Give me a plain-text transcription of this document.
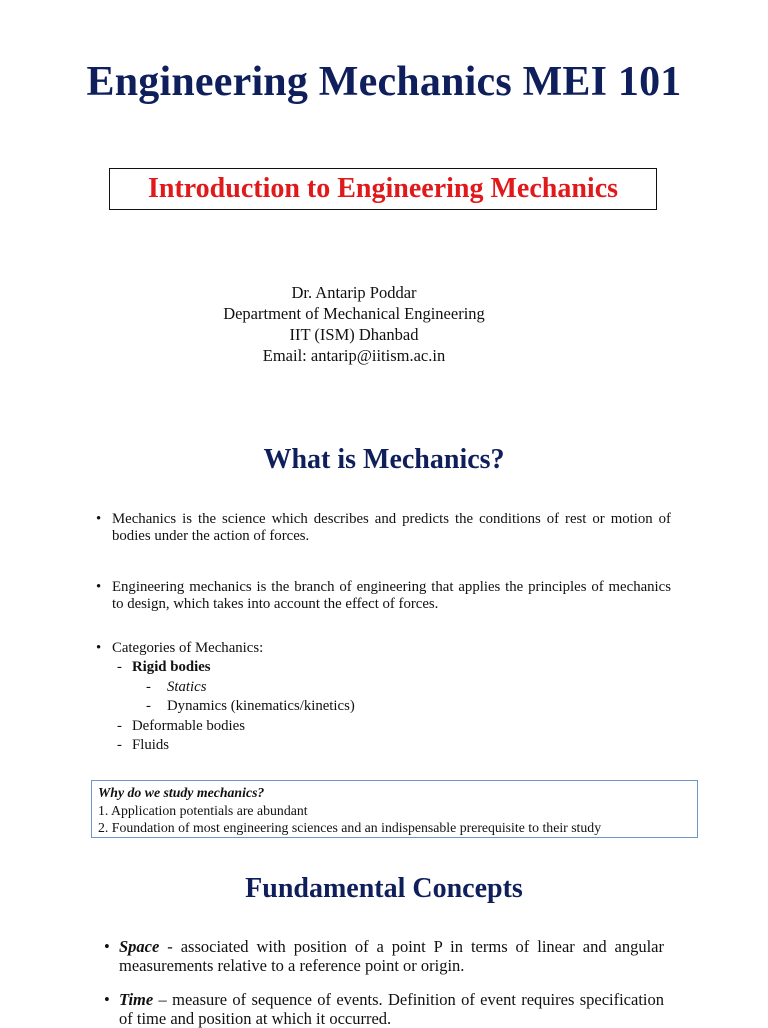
Engineering Mechanics MEI 101
Introduction to Engineering Mechanics
Dr. Antarip Poddar
Department of Mechanical Engineering
IIT (ISM) Dhanbad
Email: antarip@iitism.ac.in
What is Mechanics?
• Mechanics is the science which describes and predicts the conditions of rest or motion of bodies under the action of forces.
• Engineering mechanics is the branch of engineering that applies the principles of mechanics to design, which takes into account the effect of forces.
• Categories of Mechanics:
- Rigid bodies
- Statics
- Dynamics (kinematics/kinetics)
- Deformable bodies
- Fluids
Why do we study mechanics?
1. Application potentials are abundant
2. Foundation of most engineering sciences and an indispensable prerequisite to their study
Fundamental Concepts
• Space - associated with position of a point P in terms of linear and angular measurements relative to a reference point or origin.
• Time – measure of sequence of events. Definition of event requires specification of time and position at which it occurred.
